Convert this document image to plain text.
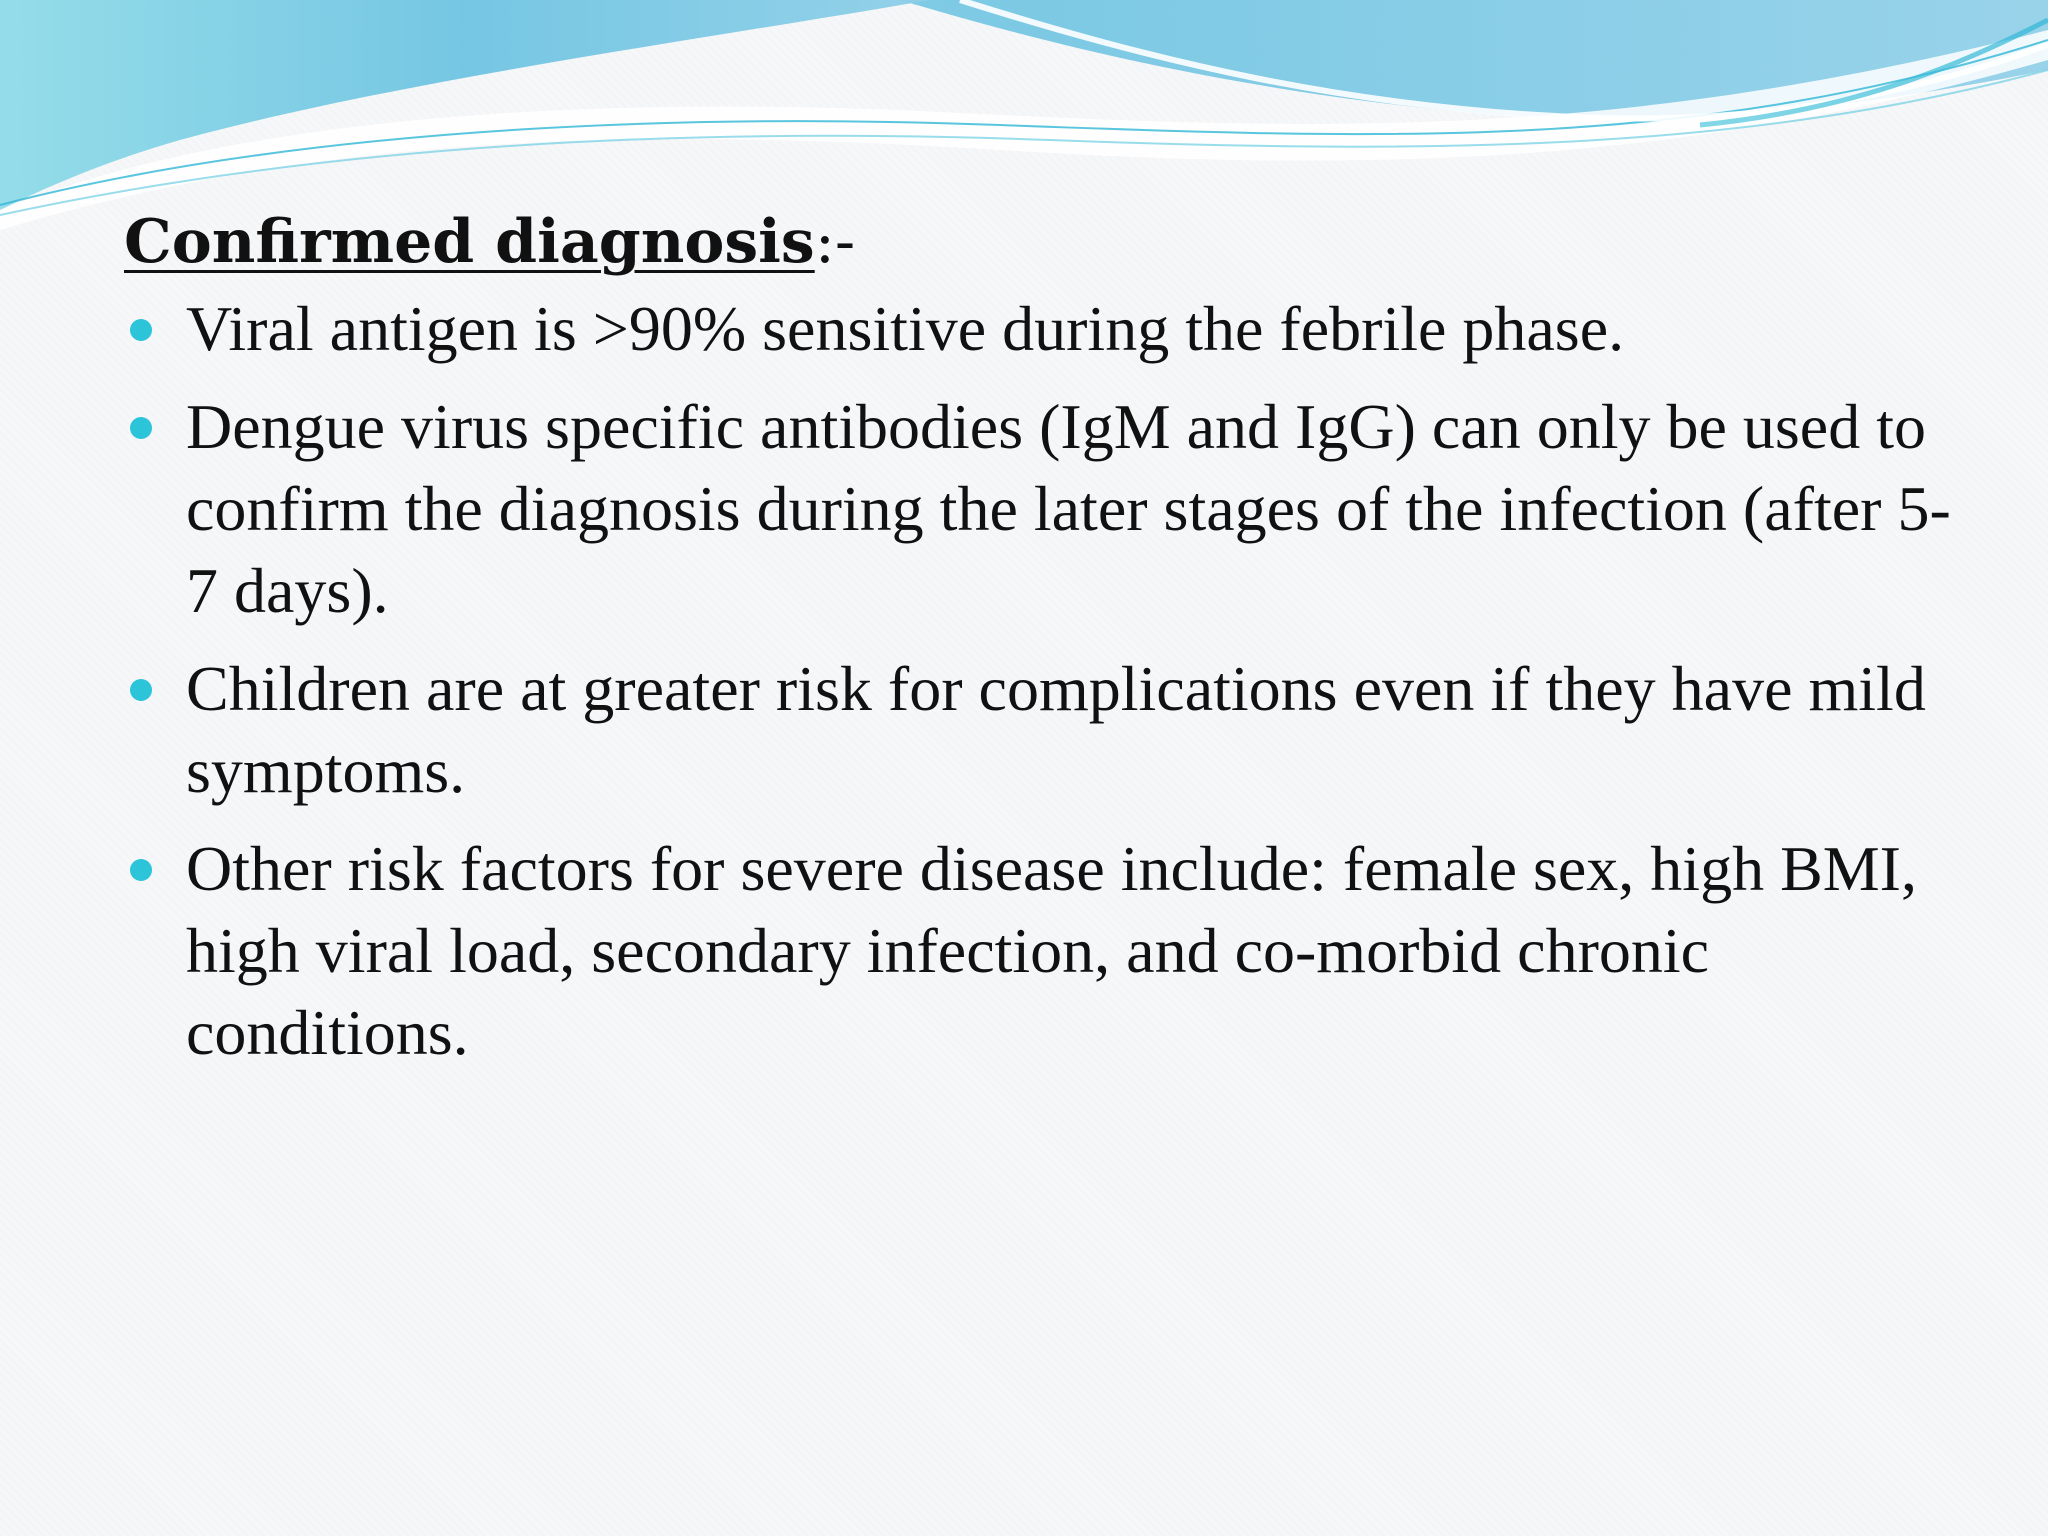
Confirmed diagnosis:-

Viral antigen is >90% sensitive during the febrile phase.
Dengue virus specific antibodies (IgM and IgG) can only be used to confirm the diagnosis during the later stages of the infection (after 5-7 days).
Children are at greater risk for complications even if they have mild symptoms.
Other risk factors for severe disease include: female sex, high BMI, high viral load, secondary infection, and co-morbid chronic conditions.
